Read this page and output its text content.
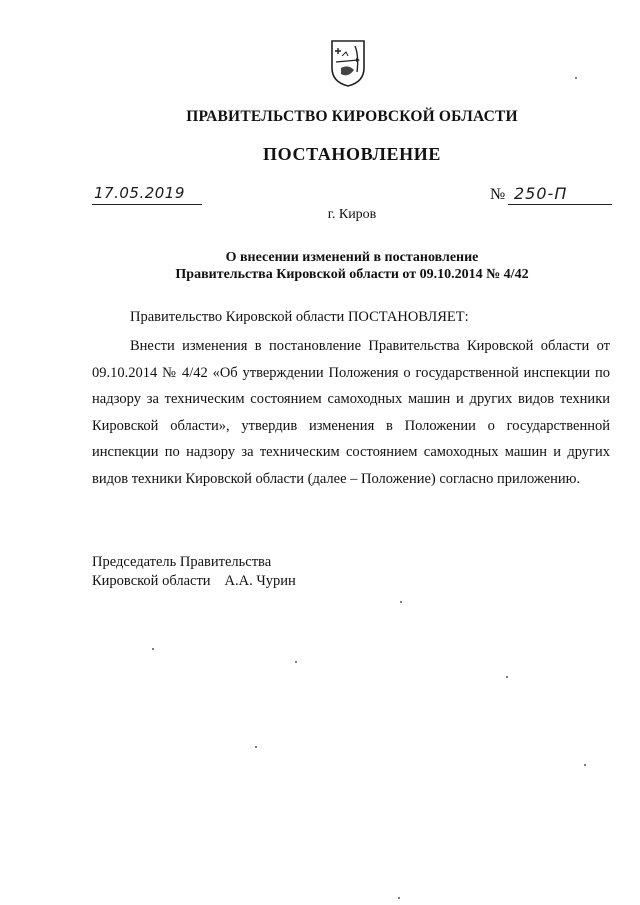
ПРАВИТЕЛЬСТВО КИРОВСКОЙ ОБЛАСТИ
ПОСТАНОВЛЕНИЕ
17.05.2019	№ 250-П
г. Киров
О внесении изменений в постановление
Правительства Кировской области от 09.10.2014 № 4/42
Правительство Кировской области ПОСТАНОВЛЯЕТ:

Внести изменения в постановление Правительства Кировской области от 09.10.2014 № 4/42 «Об утверждении Положения о государственной инспекции по надзору за техническим состоянием самоходных машин и других видов техники Кировской области», утвердив изменения в Положении о государственной инспекции по надзору за техническим состоянием самоходных машин и других видов техники Кировской области (далее – Положение) согласно приложению.

Председатель Правительства
Кировской области А.А. Чурин
